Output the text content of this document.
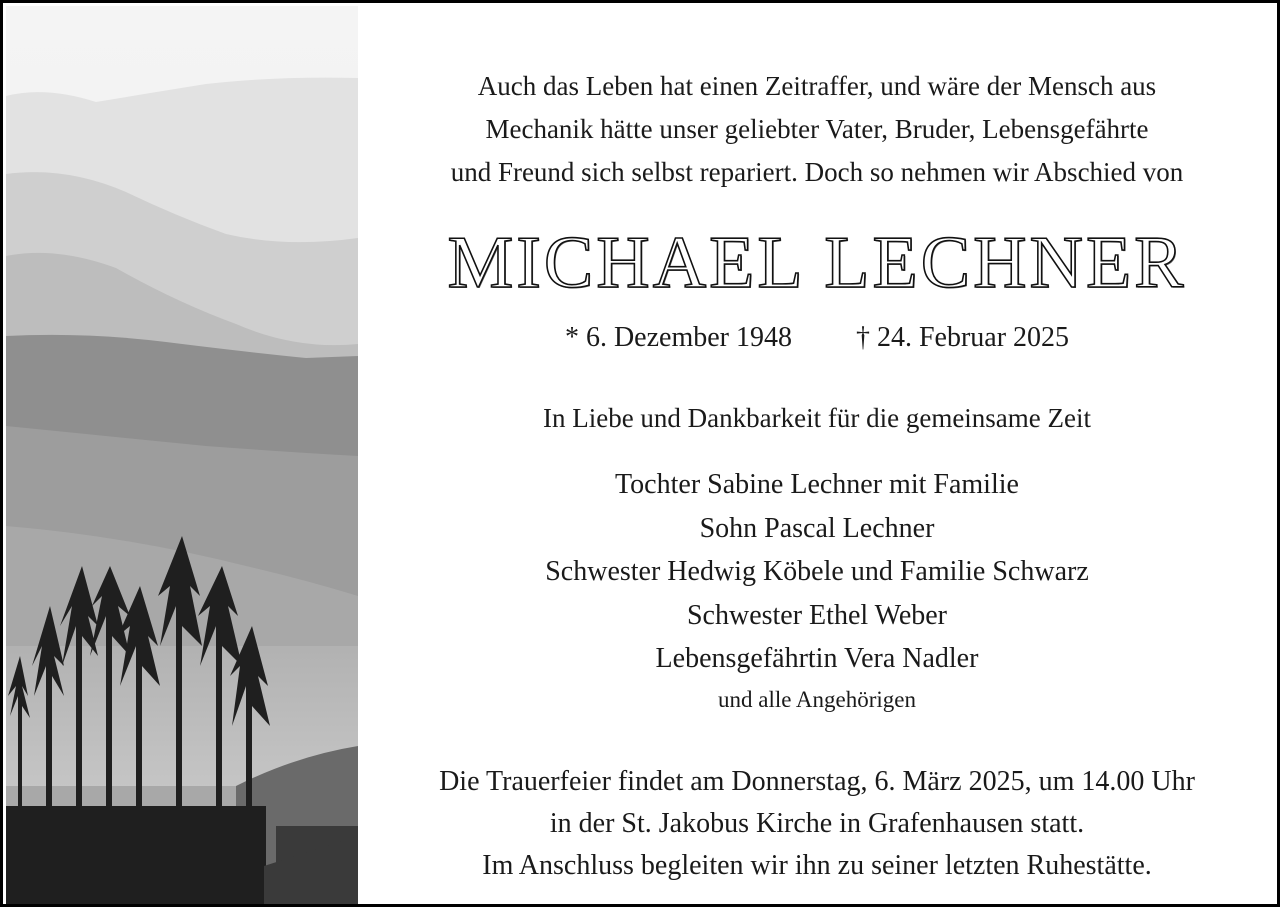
Auch das Leben hat einen Zeitraffer, und wäre der Mensch aus
Mechanik hätte unser geliebter Vater, Bruder, Lebensgefährte
und Freund sich selbst repariert. Doch so nehmen wir Abschied von
MICHAEL LECHNER
* 6. Dezember 1948 † 24. Februar 2025
In Liebe und Dankbarkeit für die gemeinsame Zeit
Tochter Sabine Lechner mit Familie
Sohn Pascal Lechner
Schwester Hedwig Köbele und Familie Schwarz
Schwester Ethel Weber
Lebensgefährtin Vera Nadler
und alle Angehörigen
Die Trauerfeier findet am Donnerstag, 6. März 2025, um 14.00 Uhr
in der St. Jakobus Kirche in Grafenhausen statt.
Im Anschluss begleiten wir ihn zu seiner letzten Ruhestätte.
